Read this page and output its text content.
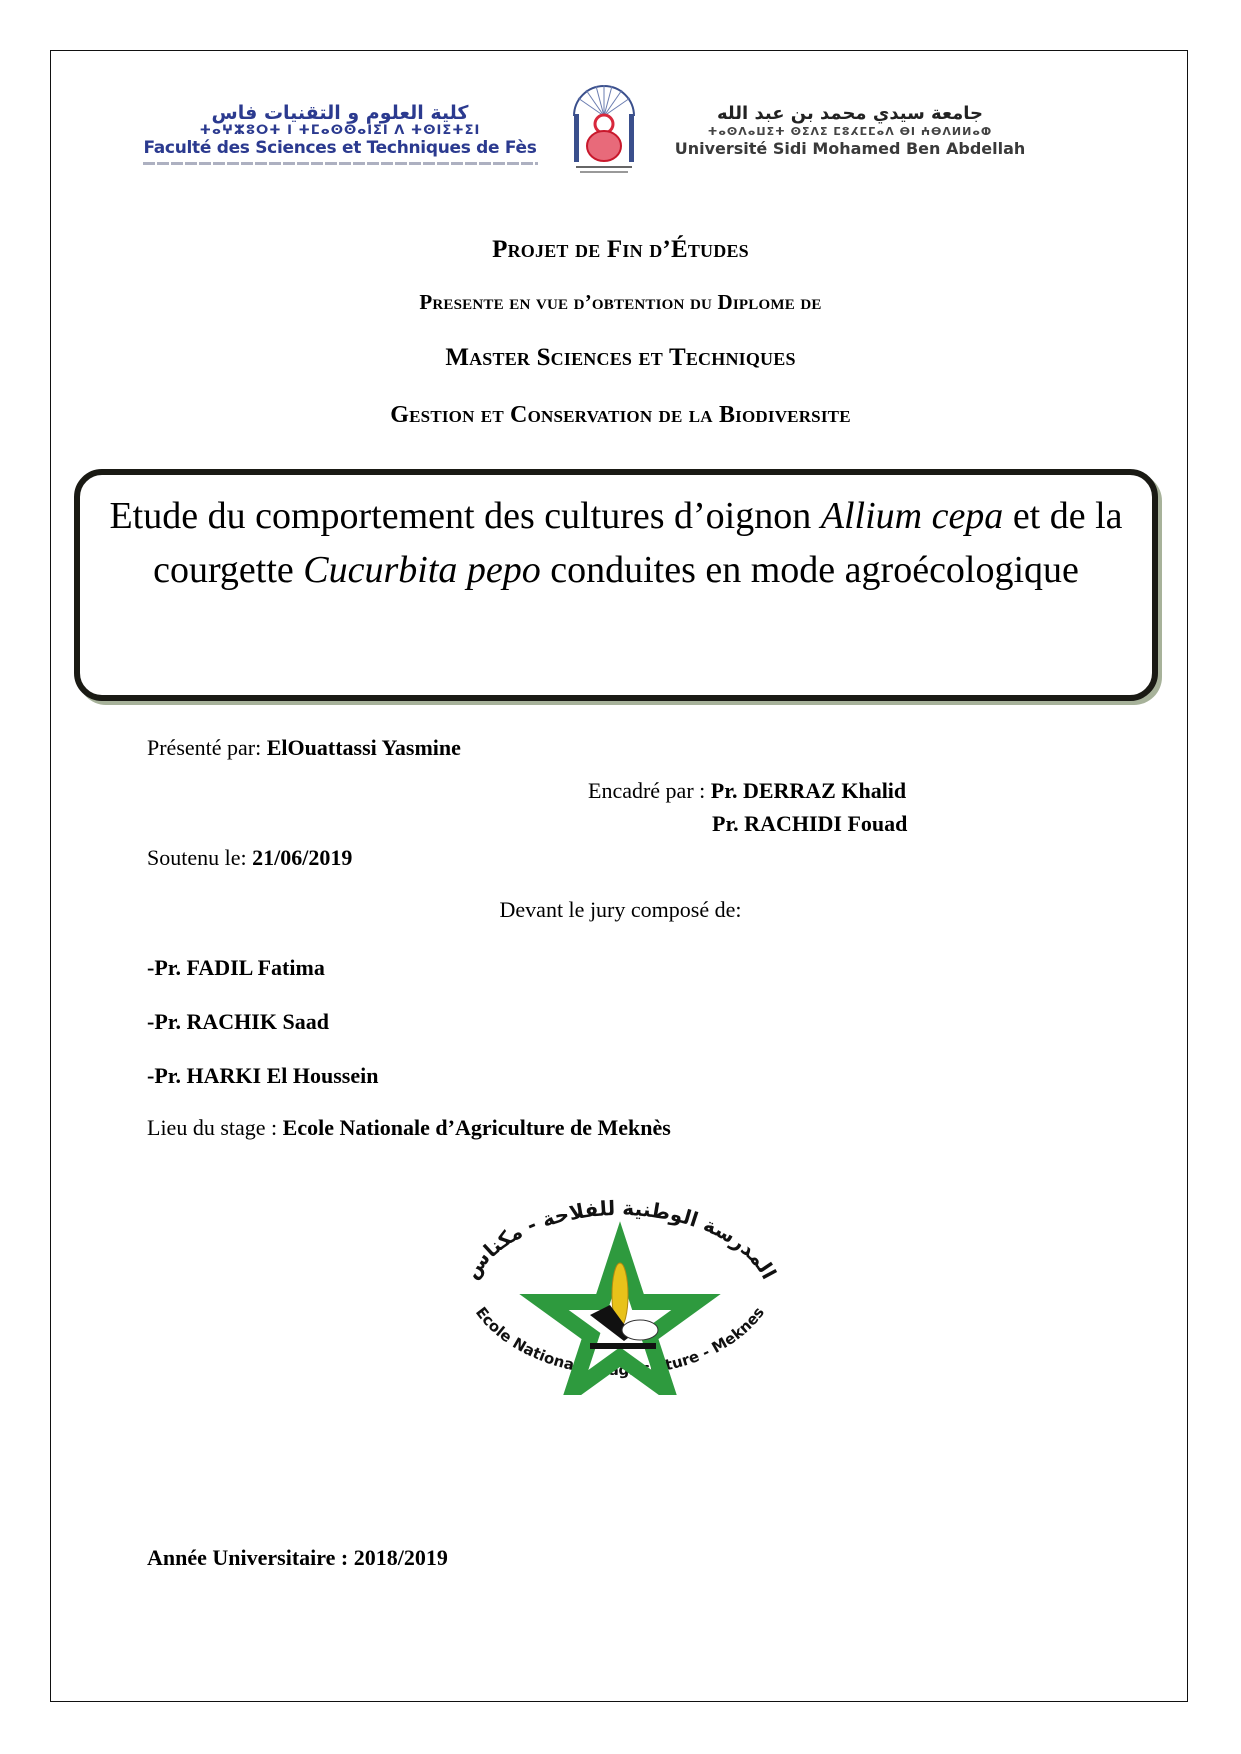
كلية العلوم و التقنيات فاس
ⵜⴰⵖⵣⵓⵔⵜ ⵏ ⵜⵎⴰⵙⵙⴰⵏⵉⵏ ⴷ ⵜⵙⵏⵉⵜⵉⵏ
Faculté des Sciences et Techniques de Fès
جامعة سيدي محمد بن عبد الله
ⵜⴰⵙⴷⴰⵡⵉⵜ ⵙⵉⴷⵉ ⵎⵓⵃⵎⵎⴰⴷ ⴱⵏ ⵄⴱⴷⵍⵍⴰⵀ
Université Sidi Mohamed Ben Abdellah
Projet de Fin d’Études
Presente en vue d’obtention du Diplome de
Master Sciences et Techniques
Gestion et Conservation de la Biodiversite
Etude du comportement des cultures d’oignon Allium cepa et de la courgette Cucurbita pepo conduites en mode agroécologique
Présenté par: ElOuattassi Yasmine
Encadré par : Pr. DERRAZ Khalid
Pr. RACHIDI Fouad
Soutenu le: 21/06/2019
Devant le jury composé de:
-Pr. FADIL Fatima
-Pr. RACHIK Saad
-Pr. HARKI El Houssein
Lieu du stage : Ecole Nationale d’Agriculture de Meknès
المدرسة الوطنية للفلاحة - مكناس
Ecole Nationale d'agriculture - Meknes
Année Universitaire : 2018/2019
